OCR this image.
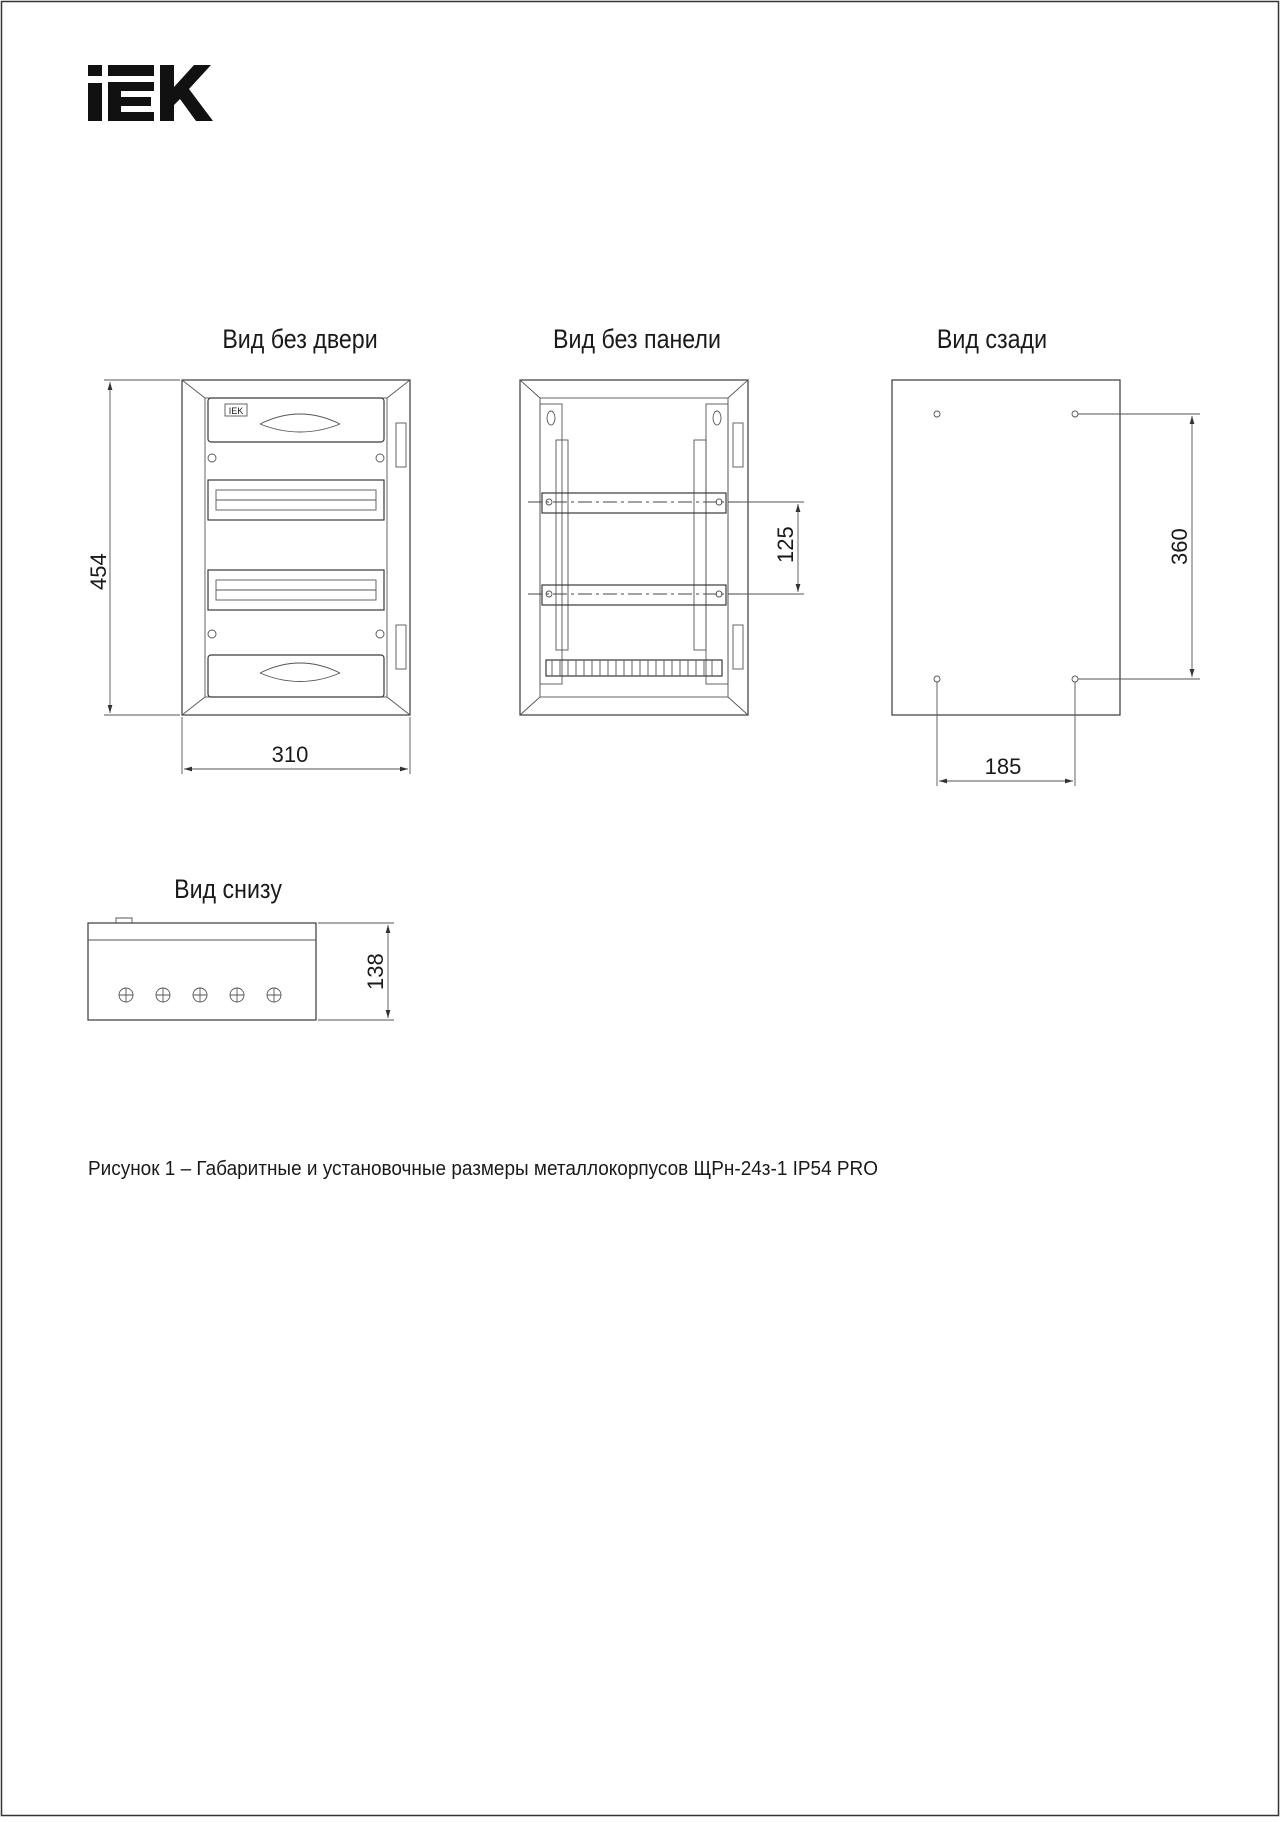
Вид без двери
IEK
454
310
Вид без панели
125
Вид сзади
360
185
Вид снизу
138
Рисунок 1 – Габаритные и установочные размеры металлокорпусов ЩРн-24з-1 IP54 PRO
